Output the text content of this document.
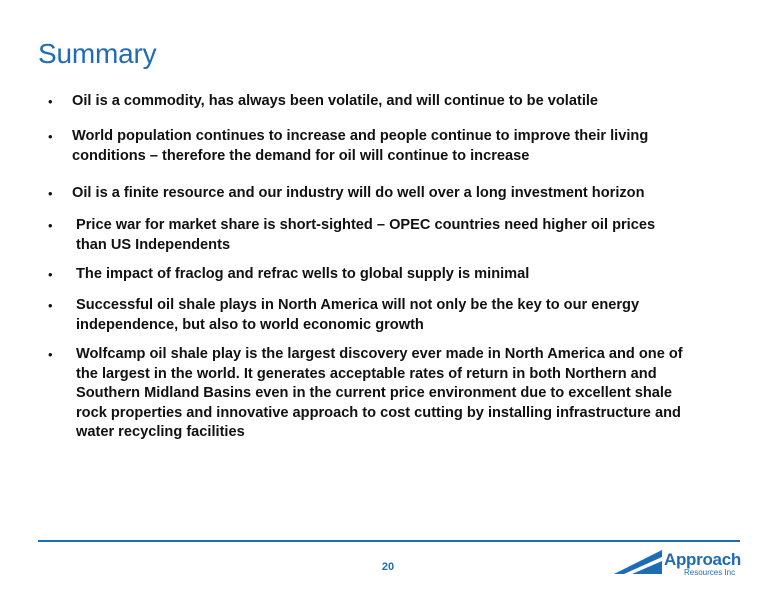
Summary
• Oil is a commodity, has always been volatile, and will continue to be volatile
• World population continues to increase and people continue to improve their living
conditions – therefore the demand for oil will continue to increase
• Oil is a finite resource and our industry will do well over a long investment horizon
• Price war for market share is short-sighted – OPEC countries need higher oil prices
than US Independents
• The impact of fraclog and refrac wells to global supply is minimal
• Successful oil shale plays in North America will not only be the key to our energy
independence, but also to world economic growth
• Wolfcamp oil shale play is the largest discovery ever made in North America and one of
the largest in the world. It generates acceptable rates of return in both Northern and
Southern Midland Basins even in the current price environment due to excellent shale
rock properties and innovative approach to cost cutting by installing infrastructure and
water recycling facilities
20	Approach
Resources Inc
